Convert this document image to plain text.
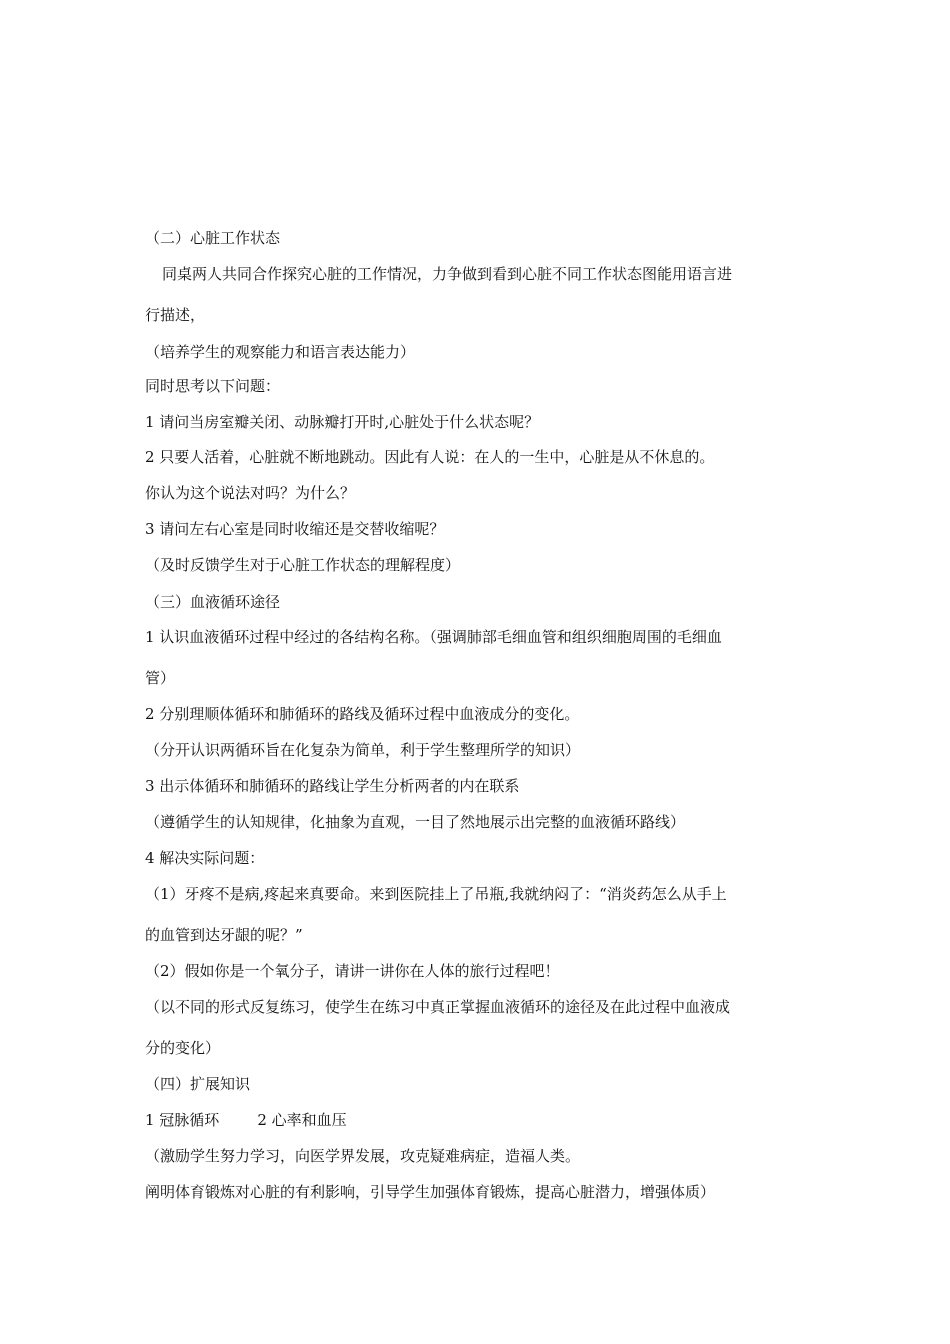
（二）心脏工作状态
同桌两人共同合作探究心脏的工作情况，力争做到看到心脏不同工作状态图能用语言进
行描述，
（培养学生的观察能力和语言表达能力）
同时思考以下问题：
1 请问当房室瓣关闭、动脉瓣打开时,心脏处于什么状态呢？
2 只要人活着，心脏就不断地跳动。因此有人说：在人的一生中，心脏是从不休息的。
你认为这个说法对吗？为什么？
3 请问左右心室是同时收缩还是交替收缩呢？
（及时反馈学生对于心脏工作状态的理解程度）
（三）血液循环途径
1 认识血液循环过程中经过的各结构名称。（强调肺部毛细血管和组织细胞周围的毛细血
管）
2 分别理顺体循环和肺循环的路线及循环过程中血液成分的变化。
（分开认识两循环旨在化复杂为简单，利于学生整理所学的知识）
3 出示体循环和肺循环的路线让学生分析两者的内在联系
（遵循学生的认知规律，化抽象为直观，一目了然地展示出完整的血液循环路线）
4 解决实际问题：
（1）牙疼不是病,疼起来真要命。来到医院挂上了吊瓶,我就纳闷了：“消炎药怎么从手上
的血管到达牙龈的呢？”
（2）假如你是一个氧分子，请讲一讲你在人体的旅行过程吧！
（以不同的形式反复练习，使学生在练习中真正掌握血液循环的途径及在此过程中血液成
分的变化）
（四）扩展知识
1 冠脉循环	2 心率和血压
（激励学生努力学习，向医学界发展，攻克疑难病症，造福人类。
阐明体育锻炼对心脏的有利影响，引导学生加强体育锻炼，提高心脏潜力，增强体质）
